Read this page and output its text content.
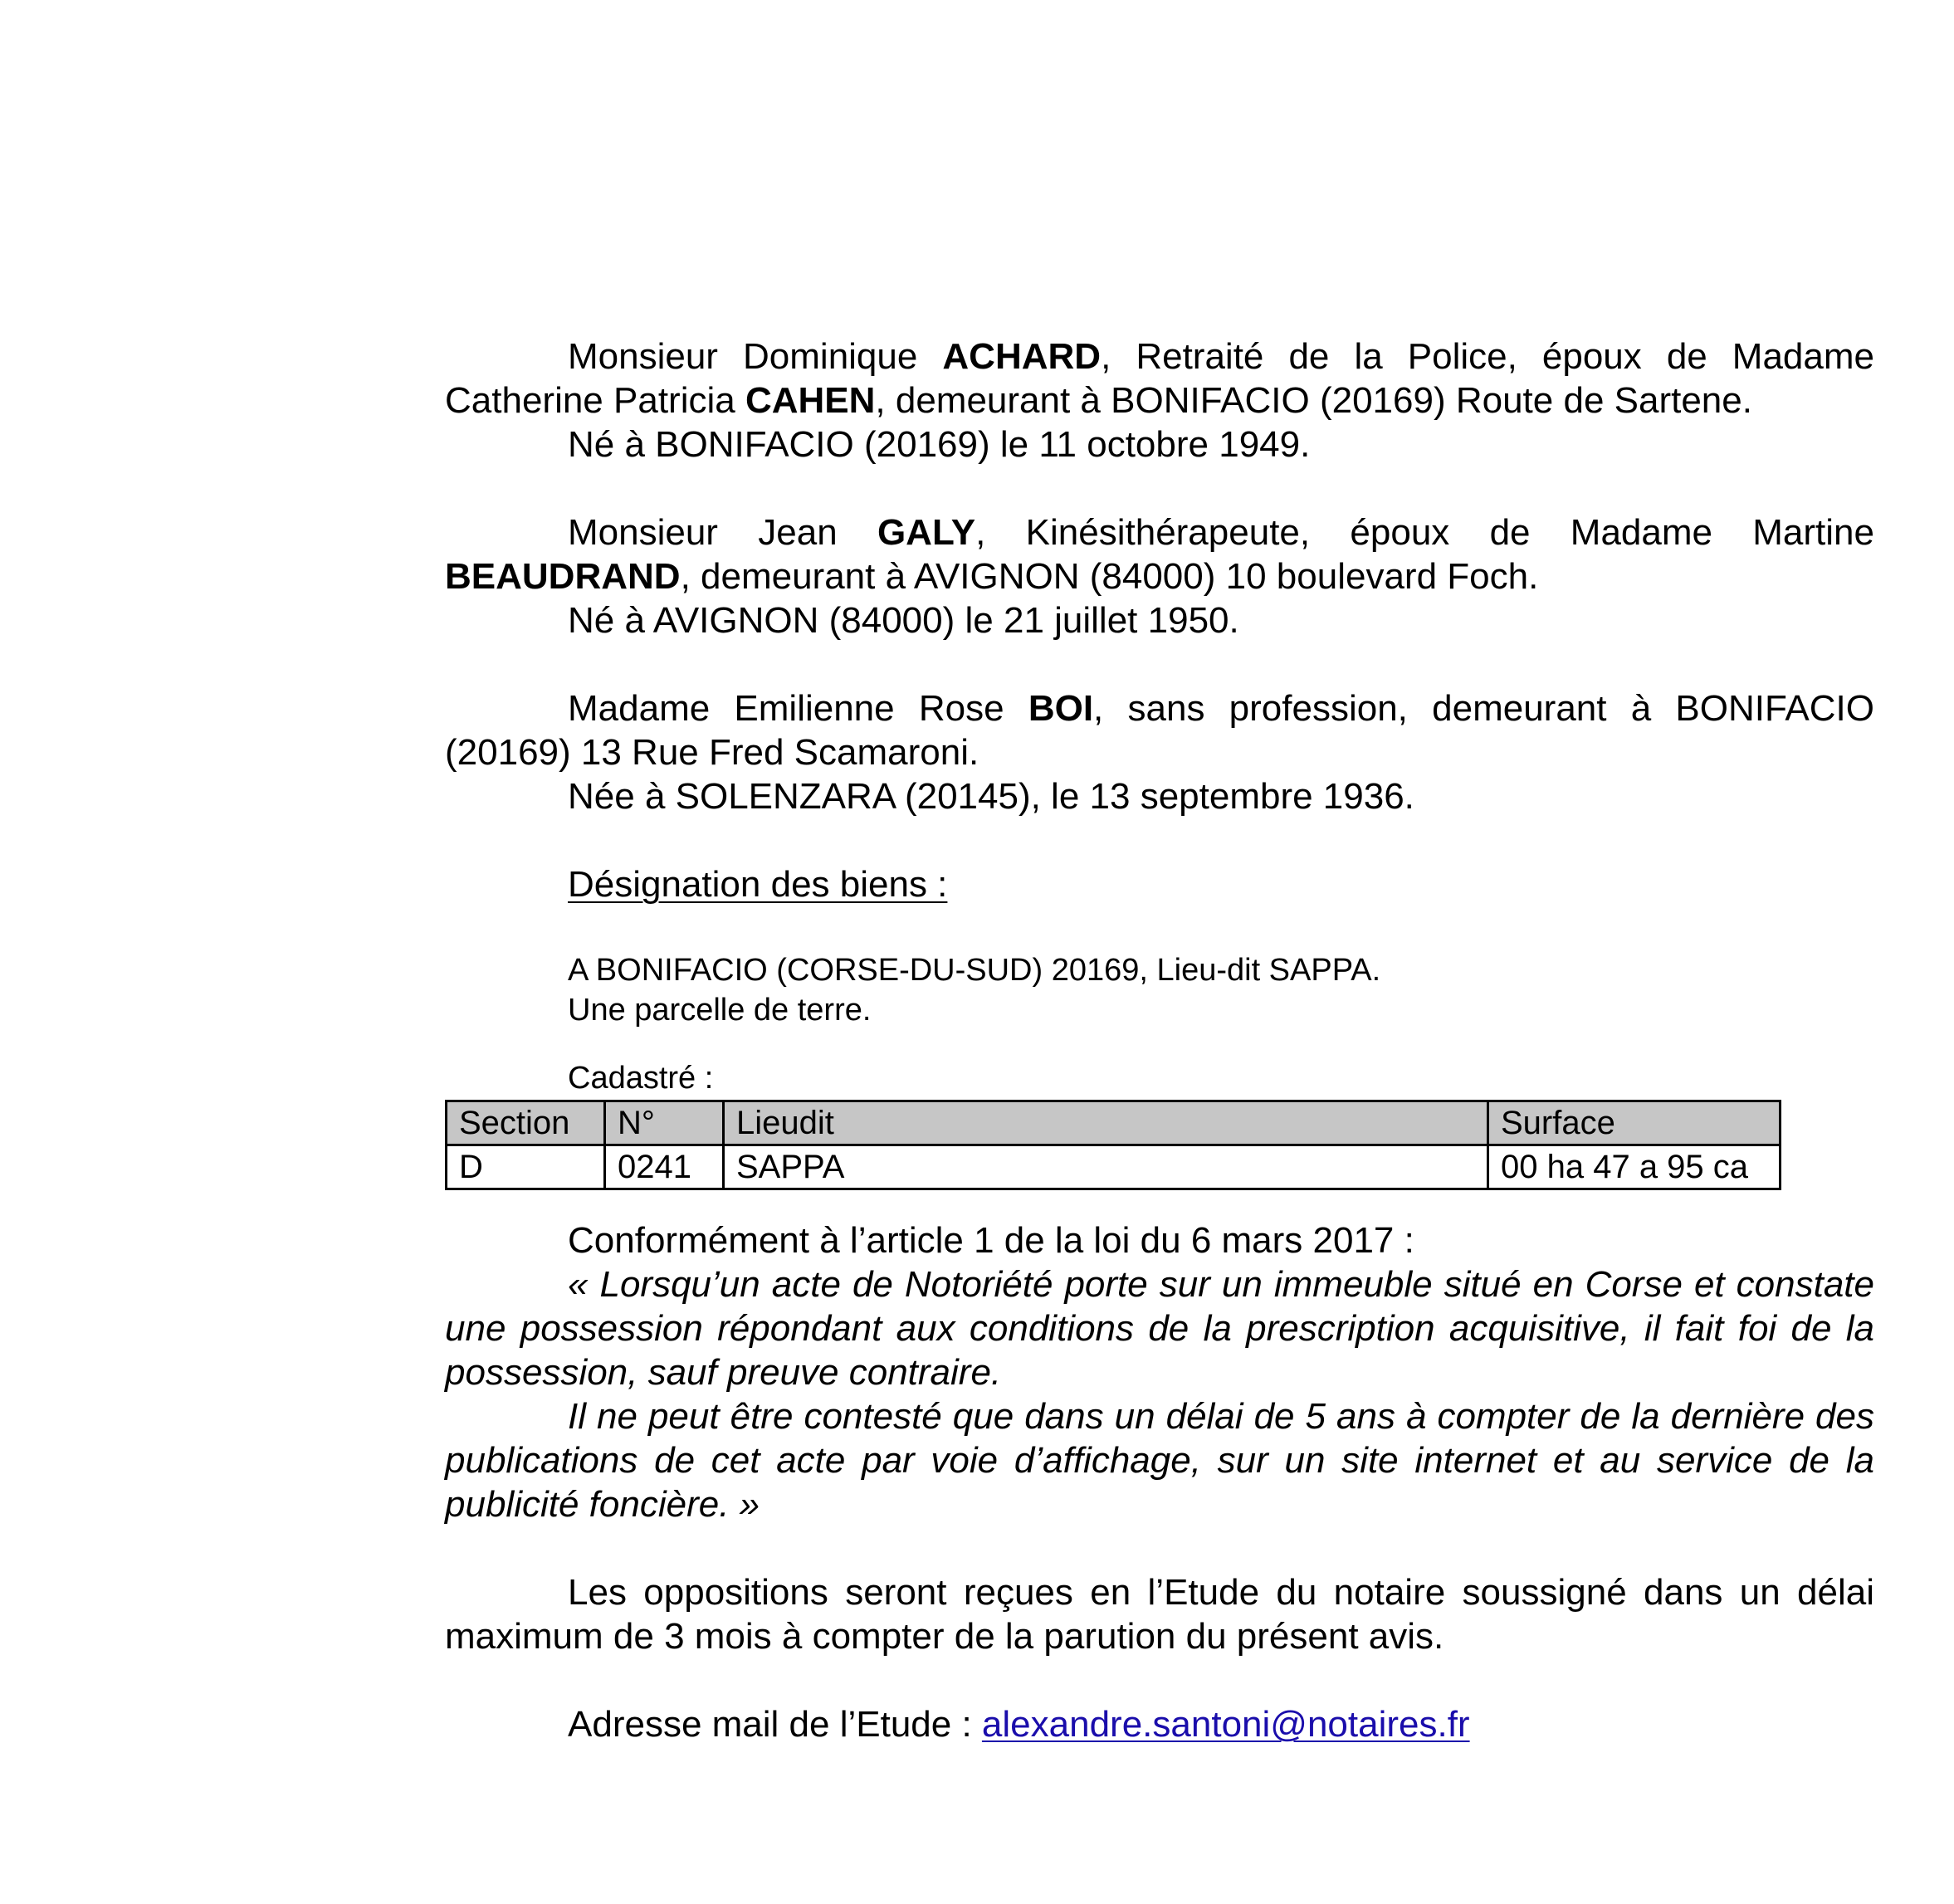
Monsieur Dominique ACHARD, Retraité de la Police, époux de Madame Catherine Patricia CAHEN, demeurant à BONIFACIO (20169) Route de Sartene.

Né à BONIFACIO (20169) le 11 octobre 1949.

Monsieur Jean GALY, Kinésithérapeute, époux de Madame Martine BEAUDRAND, demeurant à AVIGNON (84000) 10 boulevard Foch.

Né à AVIGNON (84000) le 21 juillet 1950.

Madame Emilienne Rose BOI, sans profession, demeurant à BONIFACIO (20169) 13 Rue Fred Scamaroni.

Née à SOLENZARA (20145), le 13 septembre 1936.

Désignation des biens :

A BONIFACIO (CORSE-DU-SUD) 20169, Lieu-dit SAPPA.

Une parcelle de terre.

Cadastré :

Section	N°	Lieudit	Surface
D	0241	SAPPA	00 ha 47 a 95 ca

Conformément à l’article 1 de la loi du 6 mars 2017 :

« Lorsqu’un acte de Notoriété porte sur un immeuble situé en Corse et constate une possession répondant aux conditions de la prescription acquisitive, il fait foi de la possession, sauf preuve contraire.

Il ne peut être contesté que dans un délai de 5 ans à compter de la dernière des publications de cet acte par voie d’affichage, sur un site internet et au service de la publicité foncière. »

Les oppositions seront reçues en l’Etude du notaire soussigné dans un délai maximum de 3 mois à compter de la parution du présent avis.

Adresse mail de l’Etude : alexandre.santoni@notaires.fr
